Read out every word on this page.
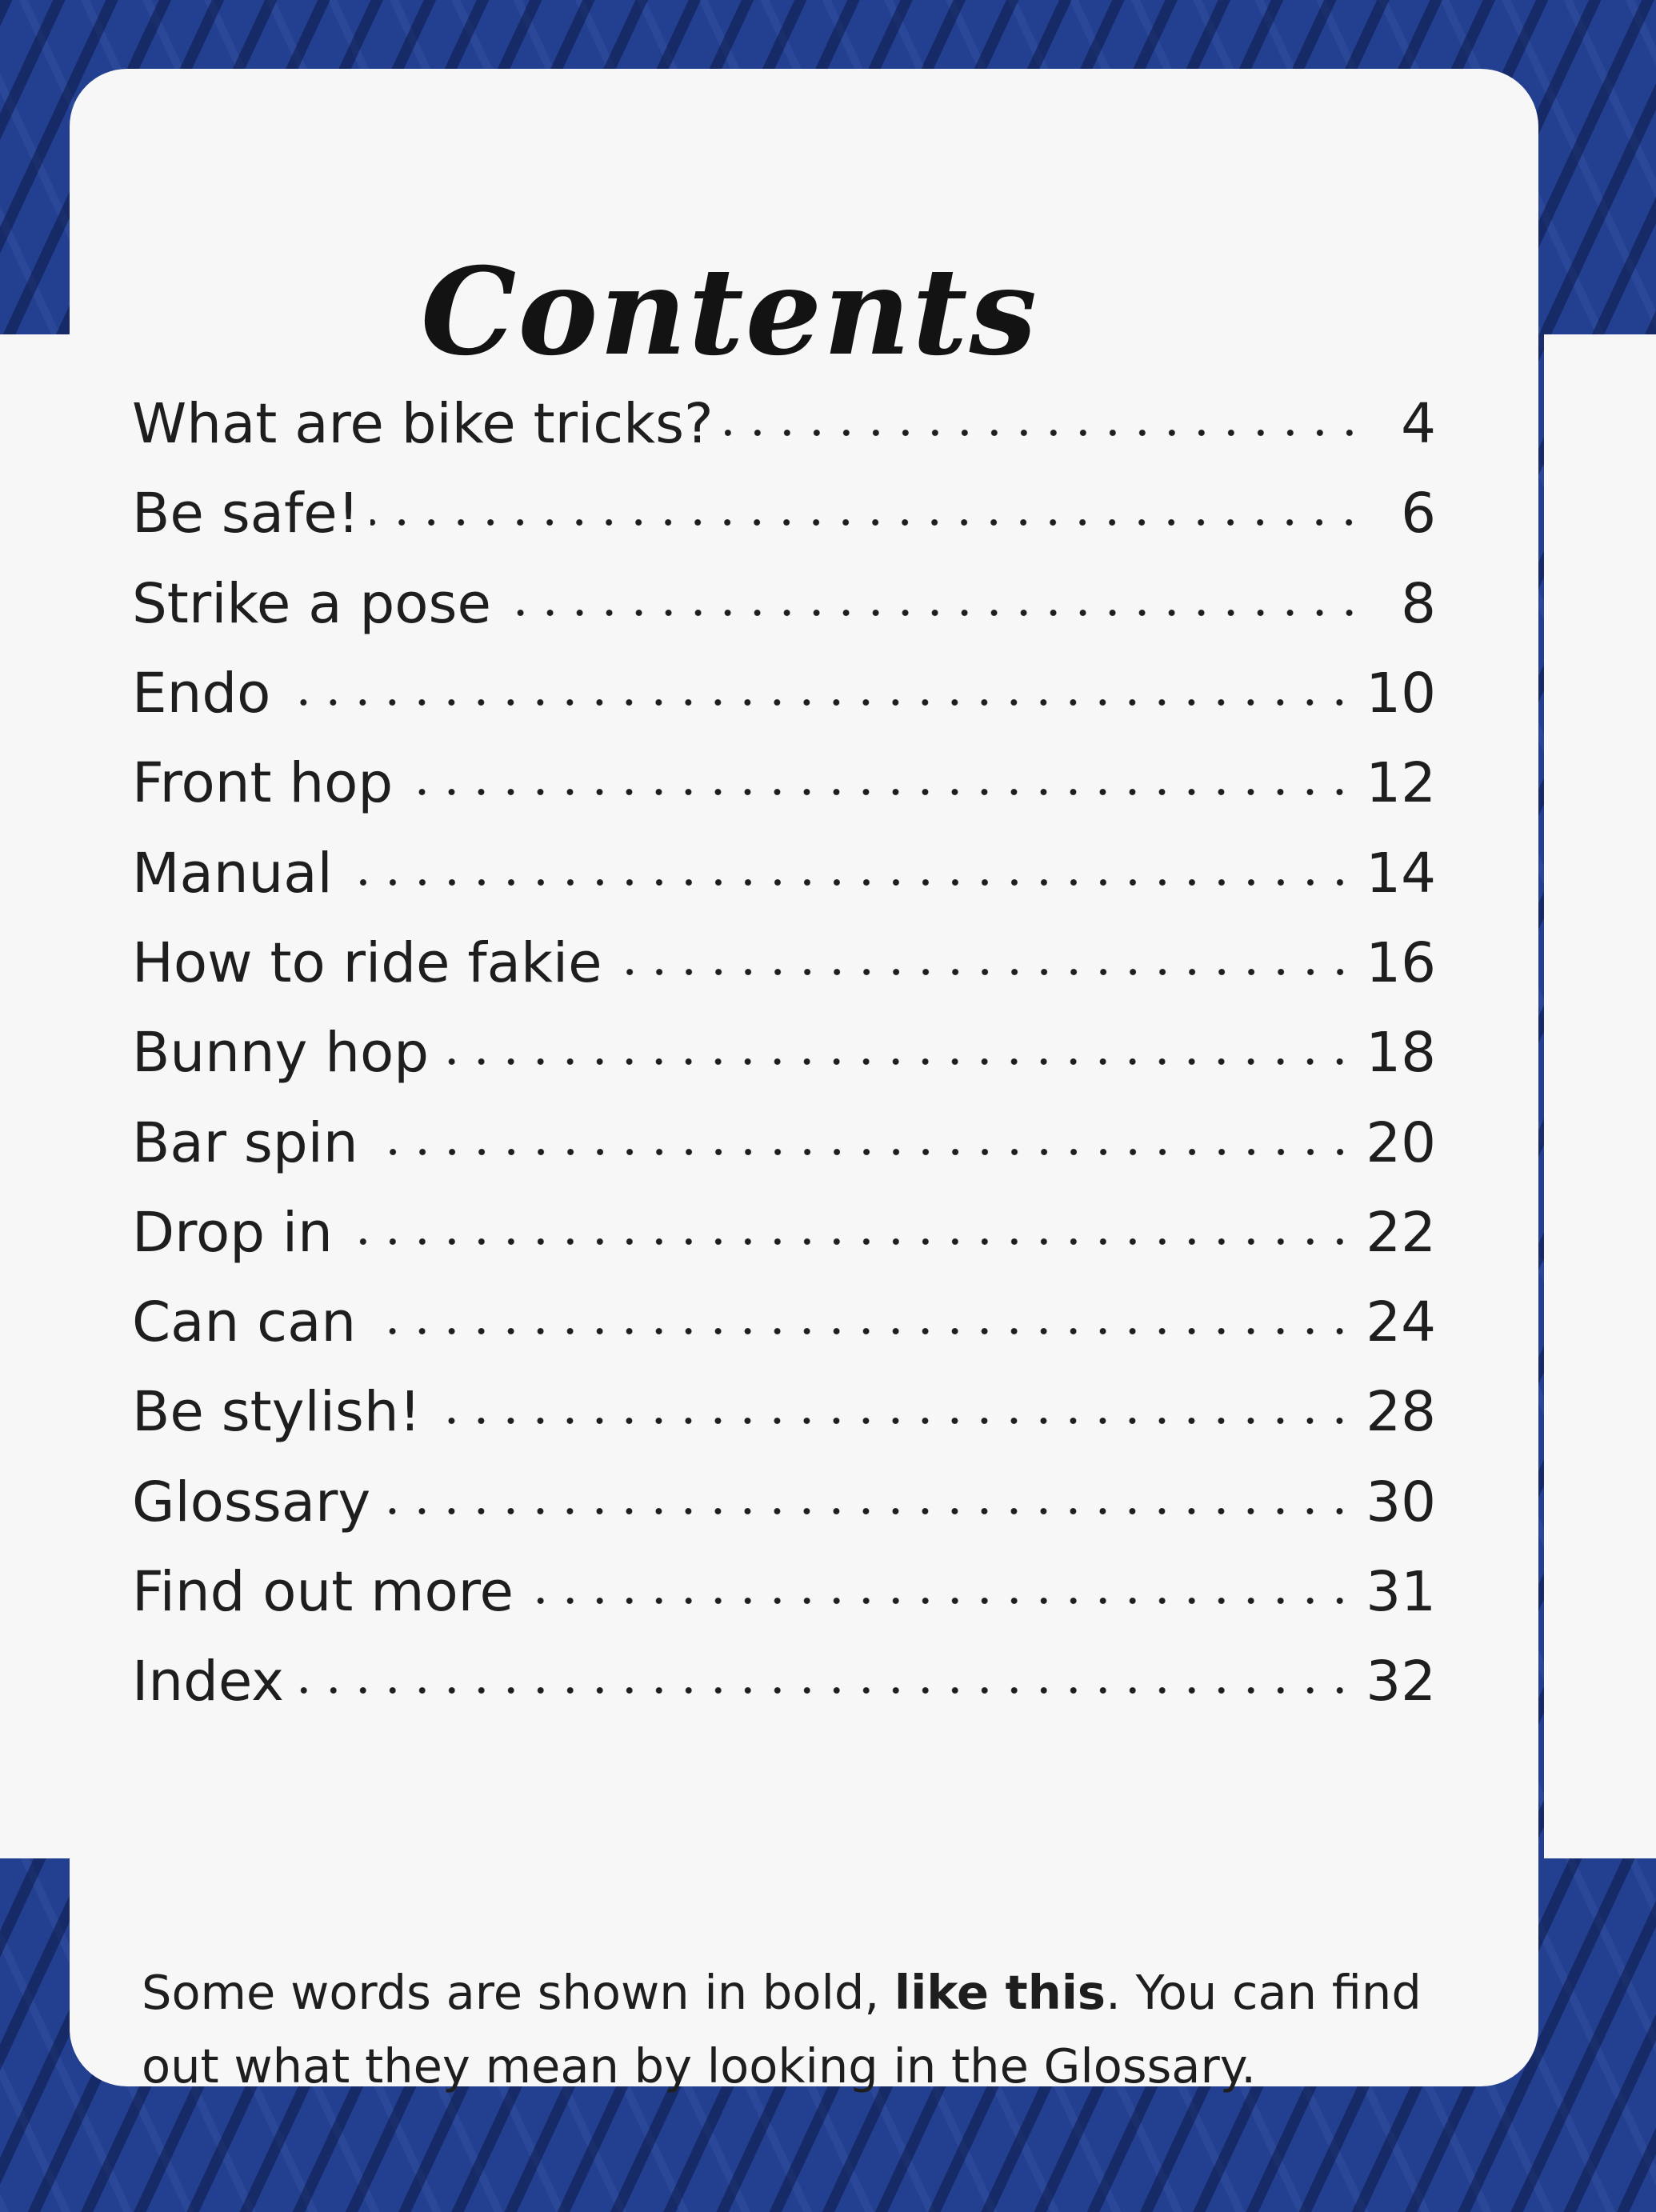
Contents
What are bike tricks?	4
Be safe!	6
Strike a pose	8
Endo	10
Front hop	12
Manual	14
How to ride fakie	16
Bunny hop	18
Bar spin	20
Drop in	22
Can can	24
Be stylish!	28
Glossary	30
Find out more	31
Index	32

Some words are shown in bold, like this. You can find out what they mean by looking in the Glossary.
